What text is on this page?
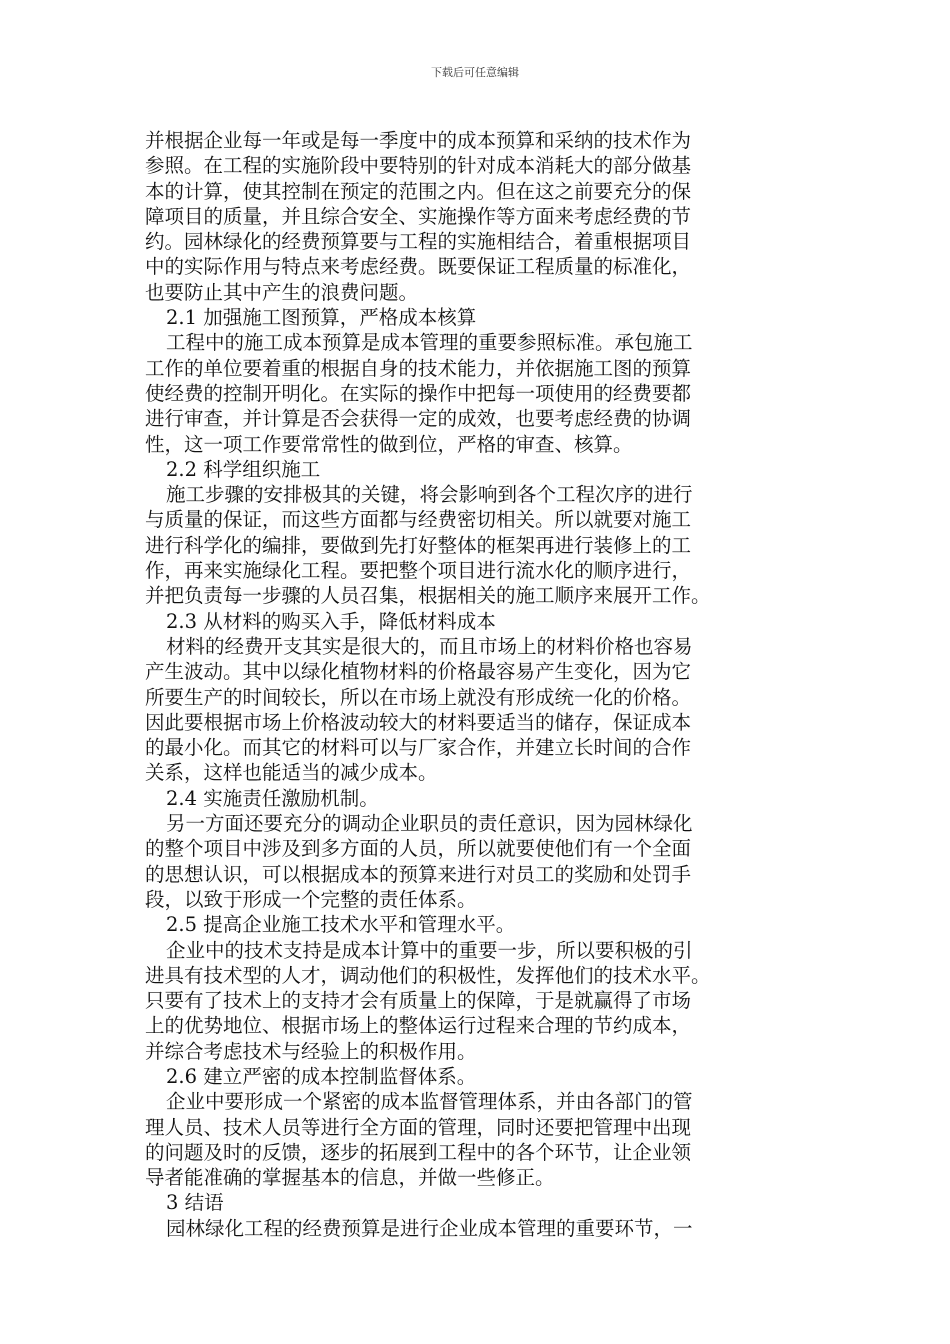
下载后可任意编辑
并根据企业每一年或是每一季度中的成本预算和采纳的技术作为
参照。在工程的实施阶段中要特别的针对成本消耗大的部分做基
本的计算，使其控制在预定的范围之内。但在这之前要充分的保
障项目的质量，并且综合安全、实施操作等方面来考虑经费的节
约。园林绿化的经费预算要与工程的实施相结合，着重根据项目
中的实际作用与特点来考虑经费。既要保证工程质量的标准化，
也要防止其中产生的浪费问题。
2.1 加强施工图预算，严格成本核算
工程中的施工成本预算是成本管理的重要参照标准。承包施工
工作的单位要着重的根据自身的技术能力，并依据施工图的预算
使经费的控制开明化。在实际的操作中把每一项使用的经费要都
进行审查，并计算是否会获得一定的成效，也要考虑经费的协调
性，这一项工作要常常性的做到位，严格的审查、核算。
2.2 科学组织施工
施工步骤的安排极其的关键，将会影响到各个工程次序的进行
与质量的保证，而这些方面都与经费密切相关。所以就要对施工
进行科学化的编排，要做到先打好整体的框架再进行装修上的工
作，再来实施绿化工程。要把整个项目进行流水化的顺序进行，
并把负责每一步骤的人员召集，根据相关的施工顺序来展开工作。
2.3 从材料的购买入手，降低材料成本
材料的经费开支其实是很大的，而且市场上的材料价格也容易
产生波动。其中以绿化植物材料的价格最容易产生变化，因为它
所要生产的时间较长，所以在市场上就没有形成统一化的价格。
因此要根据市场上价格波动较大的材料要适当的储存，保证成本
的最小化。而其它的材料可以与厂家合作，并建立长时间的合作
关系，这样也能适当的减少成本。
2.4 实施责任激励机制。
另一方面还要充分的调动企业职员的责任意识，因为园林绿化
的整个项目中涉及到多方面的人员，所以就要使他们有一个全面
的思想认识，可以根据成本的预算来进行对员工的奖励和处罚手
段，以致于形成一个完整的责任体系。
2.5 提高企业施工技术水平和管理水平。
企业中的技术支持是成本计算中的重要一步，所以要积极的引
进具有技术型的人才，调动他们的积极性，发挥他们的技术水平。
只要有了技术上的支持才会有质量上的保障，于是就赢得了市场
上的优势地位、根据市场上的整体运行过程来合理的节约成本，
并综合考虑技术与经验上的积极作用。
2.6 建立严密的成本控制监督体系。
企业中要形成一个紧密的成本监督管理体系，并由各部门的管
理人员、技术人员等进行全方面的管理，同时还要把管理中出现
的问题及时的反馈，逐步的拓展到工程中的各个环节，让企业领
导者能准确的掌握基本的信息，并做一些修正。
3 结语
园林绿化工程的经费预算是进行企业成本管理的重要环节，一
